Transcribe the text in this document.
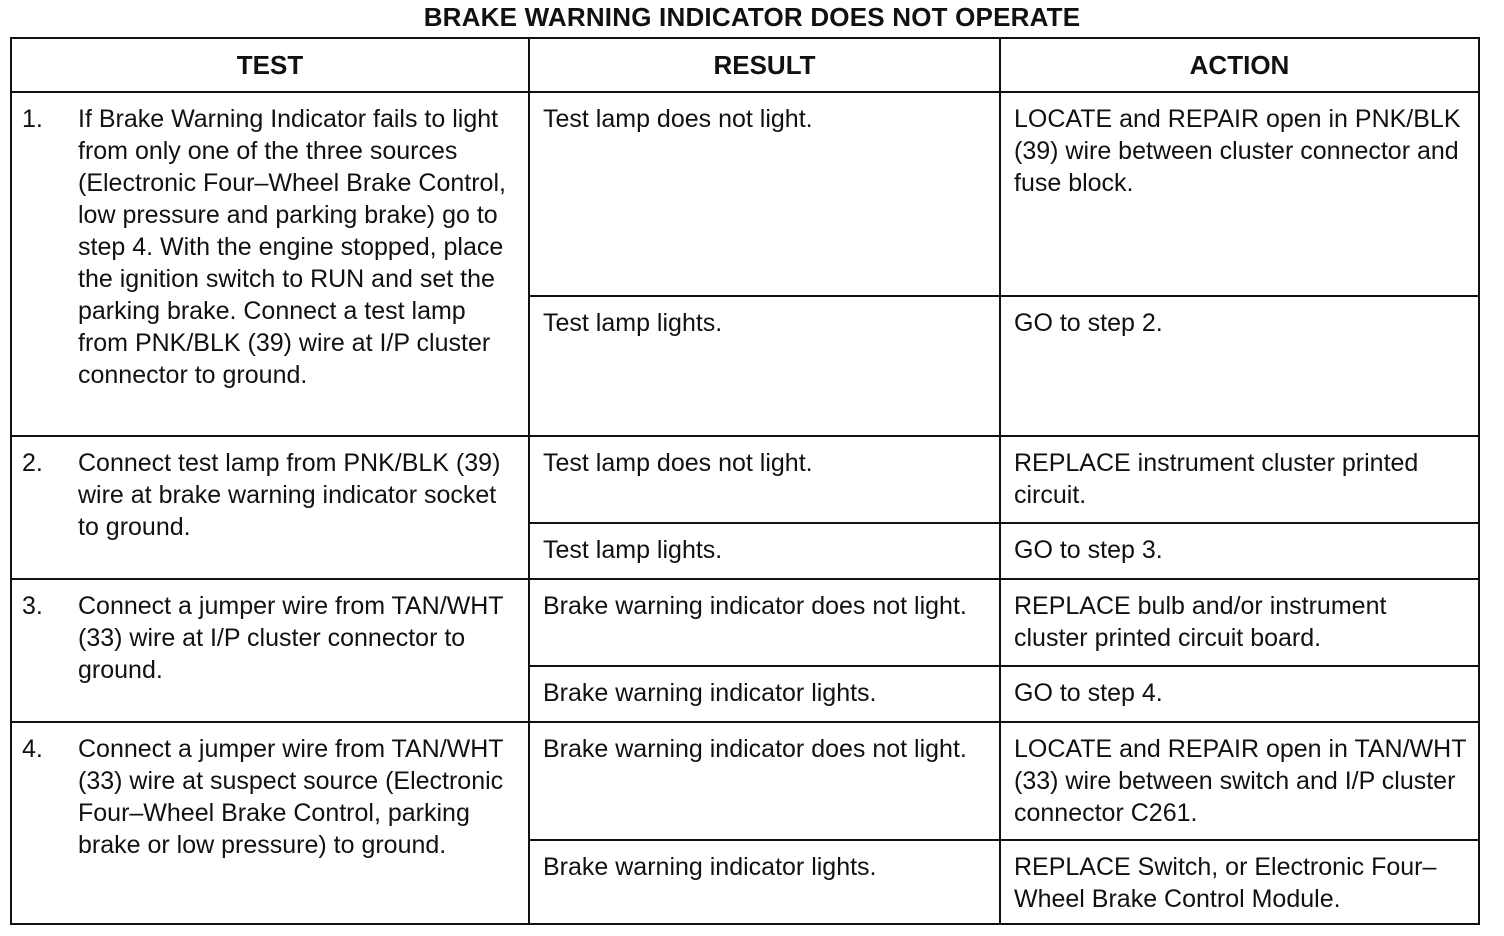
BRAKE WARNING INDICATOR DOES NOT OPERATE
TEST	RESULT	ACTION

1. If Brake Warning Indicator fails to light from only one of the three sources (Electronic Four–Wheel Brake Control, low pressure and parking brake) go to step 4. With the engine stopped, place the ignition switch to RUN and set the parking brake. Connect a test lamp from PNK/BLK (39) wire at I/P cluster connector to ground.	Test lamp does not light.	LOCATE and REPAIR open in PNK/BLK (39) wire between cluster connector and fuse block.

	Test lamp lights.	GO to step 2.

2. Connect test lamp from PNK/BLK (39) wire at brake warning indicator socket to ground.	Test lamp does not light.	REPLACE instrument cluster printed circuit.

	Test lamp lights.	GO to step 3.

3. Connect a jumper wire from TAN/WHT (33) wire at I/P cluster connector to ground.	Brake warning indicator does not light.	REPLACE bulb and/or instrument cluster printed circuit board.

	Brake warning indicator lights.	GO to step 4.

4. Connect a jumper wire from TAN/WHT (33) wire at suspect source (Electronic Four–Wheel Brake Control, parking brake or low pressure) to ground.	Brake warning indicator does not light.	LOCATE and REPAIR open in TAN/WHT (33) wire between switch and I/P cluster connector C261.

	Brake warning indicator lights.	REPLACE Switch, or Electronic Four–Wheel Brake Control Module.
